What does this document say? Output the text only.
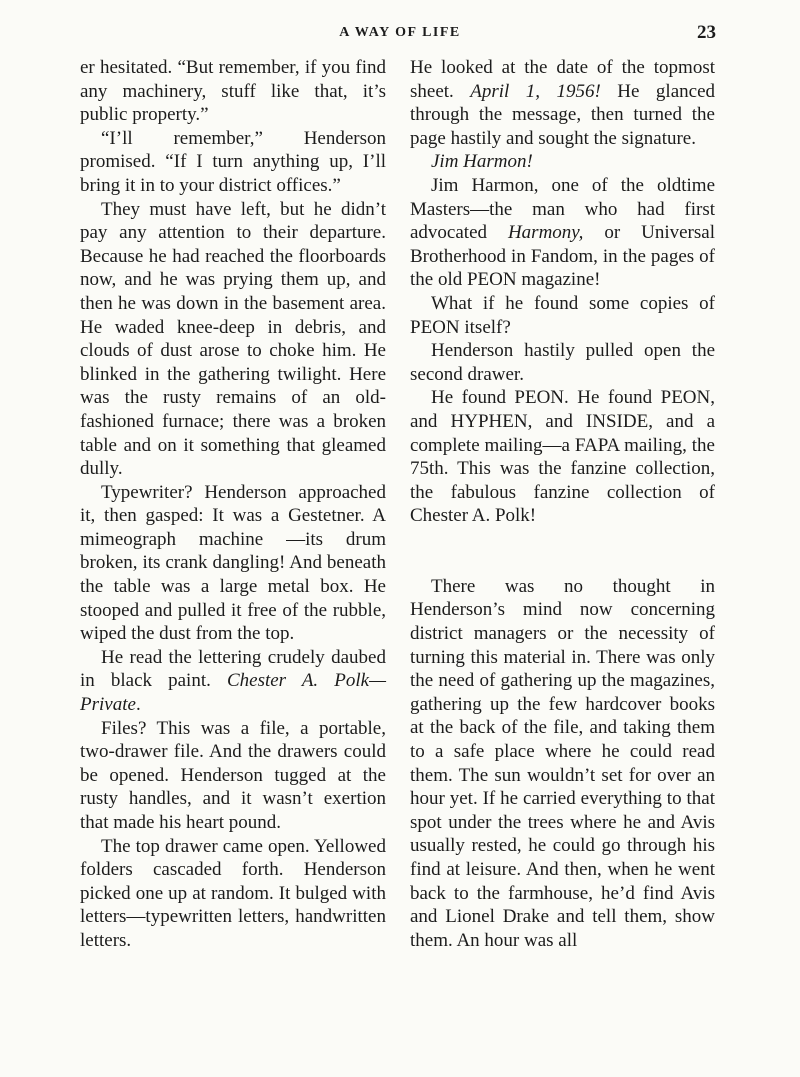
A WAY OF LIFE	23

er hesitated. “But remember, if you find any machinery, stuff like that, it’s public property.”

“I’ll remember,” Henderson promised. “If I turn anything up, I’ll bring it in to your district offices.”

They must have left, but he didn’t pay any attention to their departure. Because he had reached the floorboards now, and he was prying them up, and then he was down in the basement area. He waded knee-deep in debris, and clouds of dust arose to choke him. He blinked in the gathering twilight. Here was the rusty remains of an old-fashioned furnace; there was a broken table and on it something that gleamed dully.

Typewriter? Henderson approached it, then gasped: It was a Gestetner. A mimeograph machine —its drum broken, its crank dangling! And beneath the table was a large metal box. He stooped and pulled it free of the rubble, wiped the dust from the top.

He read the lettering crudely daubed in black paint. Chester A. Polk—Private.

Files? This was a file, a portable, two-drawer file. And the drawers could be opened. Henderson tugged at the rusty handles, and it wasn’t exertion that made his heart pound.

The top drawer came open. Yellowed folders cascaded forth. Henderson picked one up at random. It bulged with letters—typewritten letters, handwritten letters.

He looked at the date of the topmost sheet. April 1, 1956! He glanced through the message, then turned the page hastily and sought the signature.

Jim Harmon!

Jim Harmon, one of the oldtime Masters—the man who had first advocated Harmony, or Universal Brotherhood in Fandom, in the pages of the old PEON magazine!

What if he found some copies of PEON itself?

Henderson hastily pulled open the second drawer.

He found PEON. He found PEON, and HYPHEN, and INSIDE, and a complete mailing—a FAPA mailing, the 75th. This was the fanzine collection, the fabulous fanzine collection of Chester A. Polk!

There was no thought in Henderson’s mind now concerning district managers or the necessity of turning this material in. There was only the need of gathering up the magazines, gathering up the few hardcover books at the back of the file, and taking them to a safe place where he could read them. The sun wouldn’t set for over an hour yet. If he carried everything to that spot under the trees where he and Avis usually rested, he could go through his find at leisure. And then, when he went back to the farmhouse, he’d find Avis and Lionel Drake and tell them, show them. An hour was all
